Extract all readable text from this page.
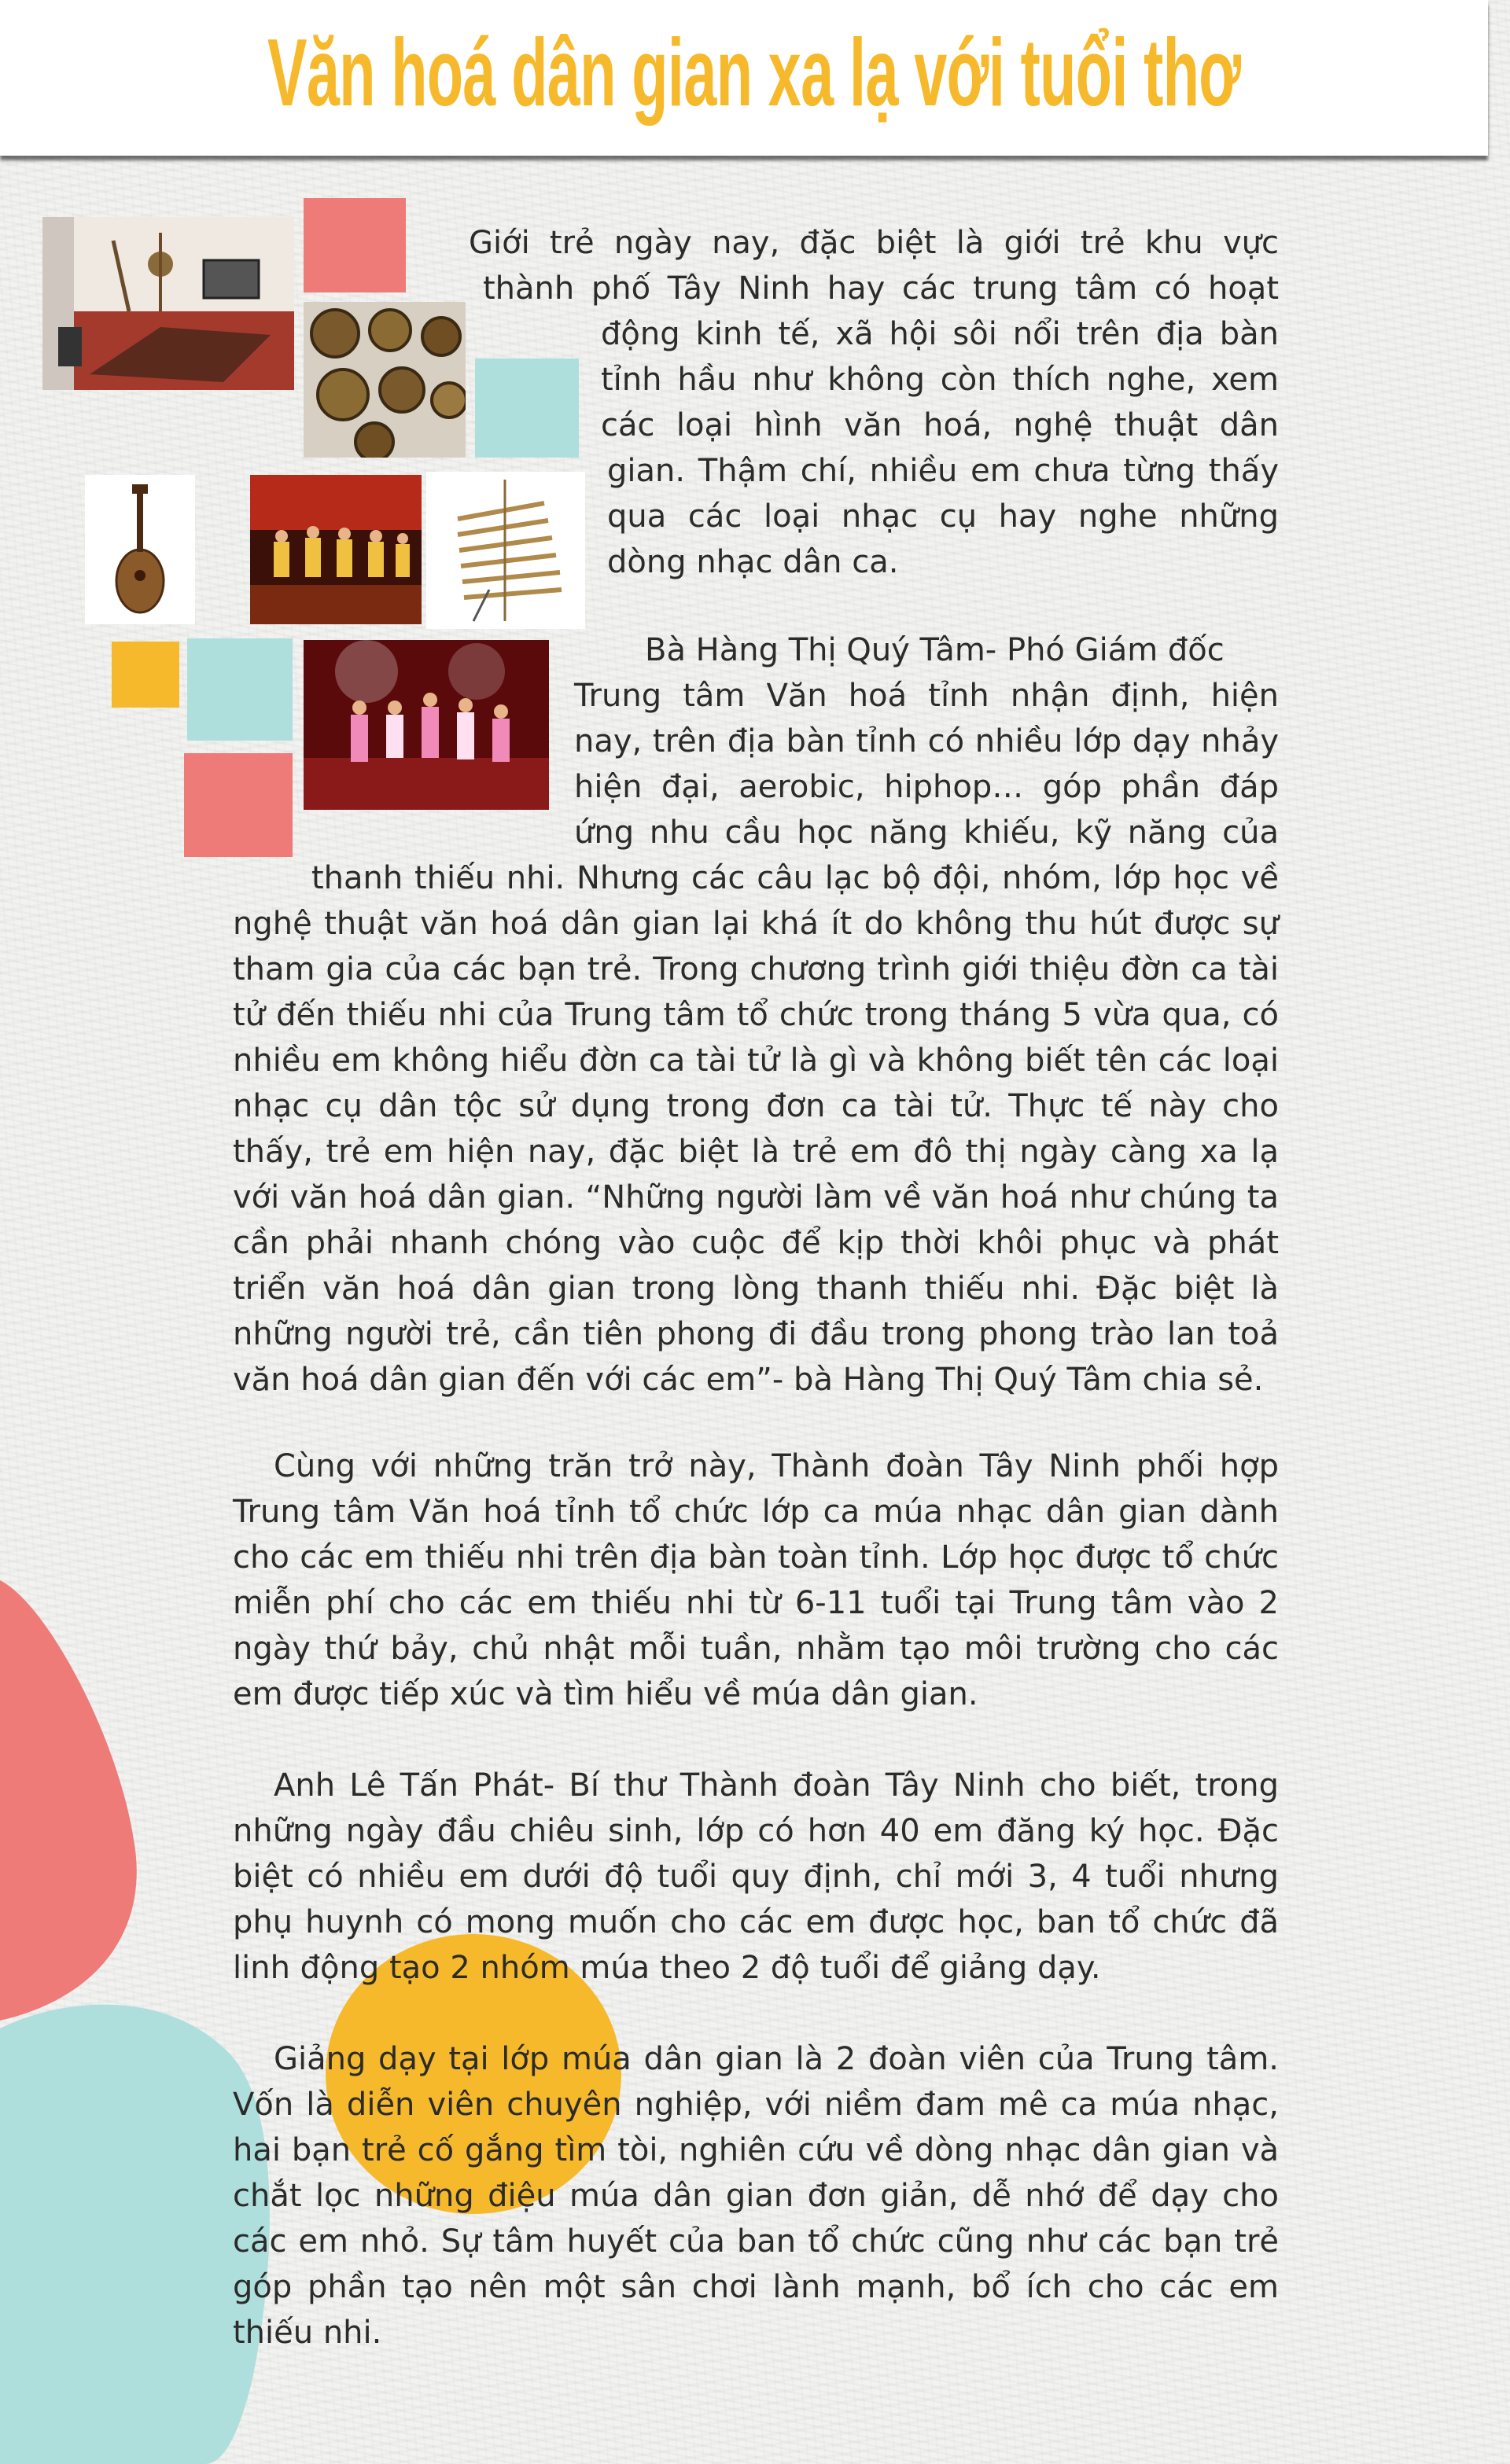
Văn hoá dân gian xa lạ với tuổi thơ
Giới trẻ ngày nay, đặc biệt là giới trẻ khu vực
thành phố Tây Ninh hay các trung tâm có hoạt
động kinh tế, xã hội sôi nổi trên địa bàn
tỉnh hầu như không còn thích nghe, xem
các loại hình văn hoá, nghệ thuật dân
gian. Thậm chí, nhiều em chưa từng thấy
qua các loại nhạc cụ hay nghe những
dòng nhạc dân ca.
Bà Hàng Thị Quý Tâm- Phó Giám đốc
Trung tâm Văn hoá tỉnh nhận định, hiện
nay, trên địa bàn tỉnh có nhiều lớp dạy nhảy
hiện đại, aerobic, hiphop… góp phần đáp
ứng nhu cầu học năng khiếu, kỹ năng của
thanh thiếu nhi. Nhưng các câu lạc bộ đội, nhóm, lớp học về

nghệ thuật văn hoá dân gian lại khá ít do không thu hút được sự tham gia của các bạn trẻ. Trong chương trình giới thiệu đờn ca tài tử đến thiếu nhi của Trung tâm tổ chức trong tháng 5 vừa qua, có nhiều em không hiểu đờn ca tài tử là gì và không biết tên các loại nhạc cụ dân tộc sử dụng trong đơn ca tài tử. Thực tế này cho thấy, trẻ em hiện nay, đặc biệt là trẻ em đô thị ngày càng xa lạ với văn hoá dân gian. “Những người làm về văn hoá như chúng ta cần phải nhanh chóng vào cuộc để kịp thời khôi phục và phát triển văn hoá dân gian trong lòng thanh thiếu nhi. Đặc biệt là những người trẻ, cần tiên phong đi đầu trong phong trào lan toả văn hoá dân gian đến với các em”- bà Hàng Thị Quý Tâm chia sẻ.

Cùng với những trăn trở này, Thành đoàn Tây Ninh phối hợp Trung tâm Văn hoá tỉnh tổ chức lớp ca múa nhạc dân gian dành cho các em thiếu nhi trên địa bàn toàn tỉnh. Lớp học được tổ chức miễn phí cho các em thiếu nhi từ 6-11 tuổi tại Trung tâm vào 2 ngày thứ bảy, chủ nhật mỗi tuần, nhằm tạo môi trường cho các em được tiếp xúc và tìm hiểu về múa dân gian.

Anh Lê Tấn Phát- Bí thư Thành đoàn Tây Ninh cho biết, trong những ngày đầu chiêu sinh, lớp có hơn 40 em đăng ký học. Đặc biệt có nhiều em dưới độ tuổi quy định, chỉ mới 3, 4 tuổi nhưng phụ huynh có mong muốn cho các em được học, ban tổ chức đã linh động tạo 2 nhóm múa theo 2 độ tuổi để giảng dạy.

Giảng dạy tại lớp múa dân gian là 2 đoàn viên của Trung tâm. Vốn là diễn viên chuyên nghiệp, với niềm đam mê ca múa nhạc, hai bạn trẻ cố gắng tìm tòi, nghiên cứu về dòng nhạc dân gian và chắt lọc những điệu múa dân gian đơn giản, dễ nhớ để dạy cho các em nhỏ. Sự tâm huyết của ban tổ chức cũng như các bạn trẻ góp phần tạo nên một sân chơi lành mạnh, bổ ích cho các em thiếu nhi.
